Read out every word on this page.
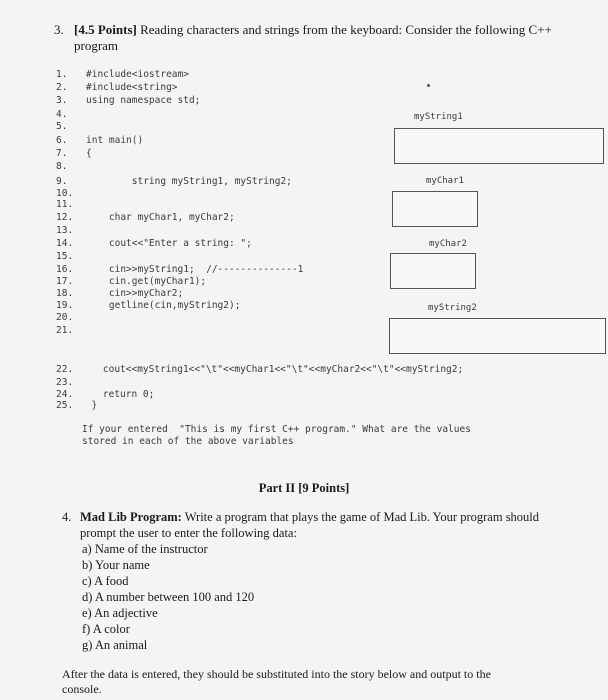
3. [4.5 Points] Reading characters and strings from the keyboard: Consider the following C++
program
1.	#include<iostream>
2.	#include<string>
3.	using namespace std;
4.
5.
6.	int main()
7.	{
8.
9.	string myString1, myString2;
10.
11.
12.	char myChar1, myChar2;
13.
14.	cout<<"Enter a string: ";
15.
16.	cin>>myString1;  //--------------1
17.	cin.get(myChar1);
18.	cin>>myChar2;
19.	getline(cin,myString2);
20.
21.
22. cout<<myString1<<"\t"<<myChar1<<"\t"<<myChar2<<"\t"<<myString2;
23.
24. return 0;
25. }
myString1
myChar1
myChar2
myString2
If your entered  "This is my first C++ program." What are the values
stored in each of the above variables
Part II [9 Points]
4. Mad Lib Program: Write a program that plays the game of Mad Lib. Your program should
prompt the user to enter the following data:
a) Name of the instructor
b) Your name
c) A food
d) A number between 100 and 120
e) An adjective
f) A color
g) An animal
After the data is entered, they should be substituted into the story below and output to the
console.
